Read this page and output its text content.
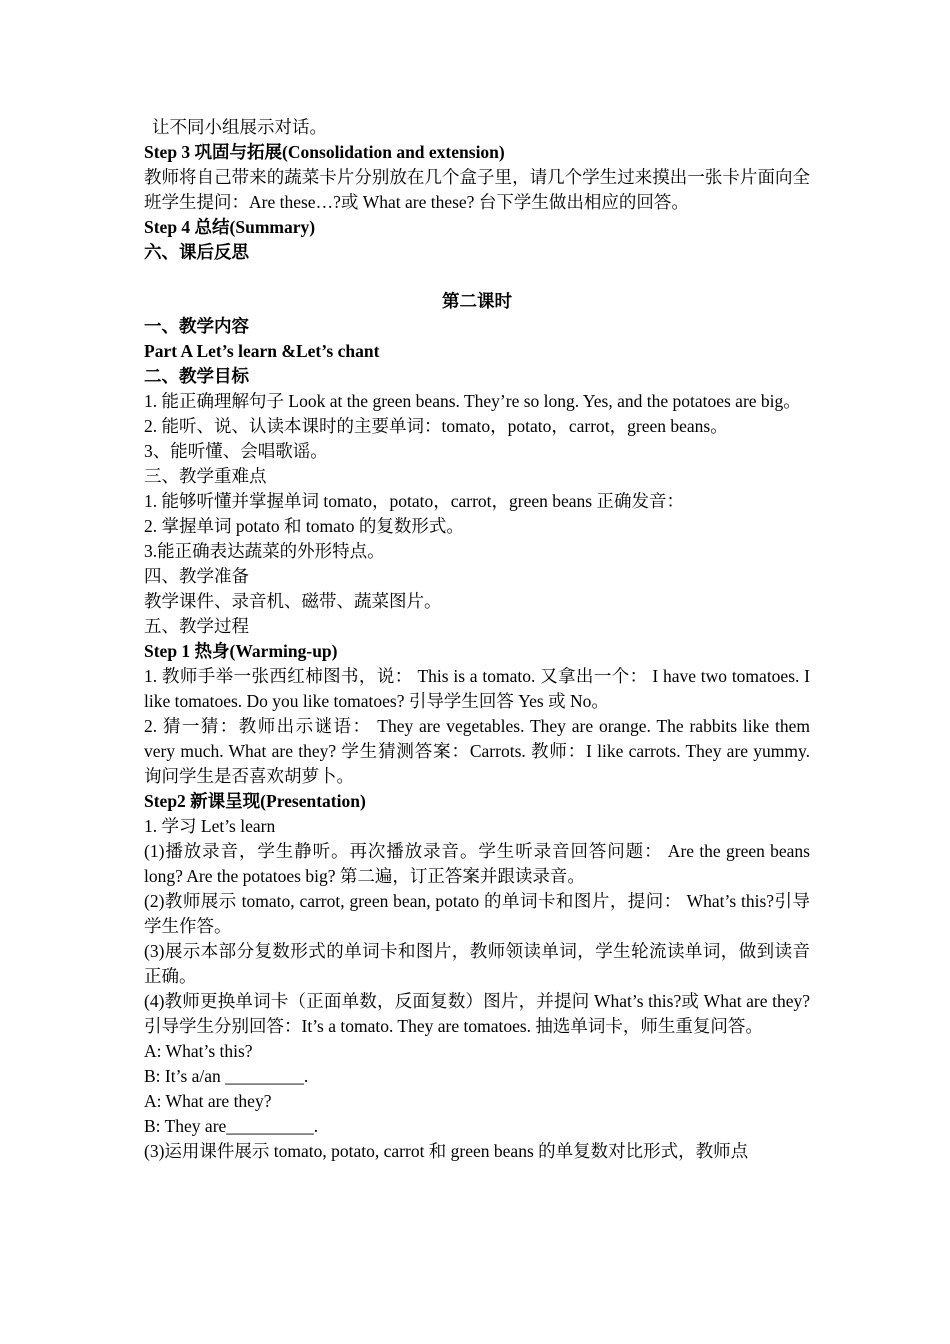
让不同小组展示对话。

Step 3 巩固与拓展(Consolidation and extension)

教师将自己带来的蔬菜卡片分别放在几个盒子里，请几个学生过来摸出一张卡片面向全班学生提问：Are these…?或 What are these? 台下学生做出相应的回答。

Step 4 总结(Summary)

六、课后反思

第二课时

一、教学内容

Part A Let’s learn &Let’s chant

二、教学目标

1. 能正确理解句子 Look at the green beans. They’re so long. Yes, and the potatoes are big。

2. 能听、说、认读本课时的主要单词：tomato，potato，carrot，green beans。

3、能听懂、会唱歌谣。

三、教学重难点

1. 能够听懂并掌握单词 tomato，potato，carrot，green beans 正确发音：

2. 掌握单词 potato 和 tomato 的复数形式。

3.能正确表达蔬菜的外形特点。

四、教学准备

教学课件、录音机、磁带、蔬菜图片。

五、教学过程

Step 1 热身(Warming-up)

1. 教师手举一张西红柿图书，说： This is a tomato. 又拿出一个： I have two tomatoes. I like tomatoes. Do you like tomatoes? 引导学生回答 Yes 或 No。

2. 猜一猜：教师出示谜语： They are vegetables. They are orange. The rabbits like them very much. What are they? 学生猜测答案：Carrots. 教师：I like carrots. They are yummy. 询问学生是否喜欢胡萝卜。

Step2 新课呈现(Presentation)

1. 学习 Let’s learn

(1)播放录音，学生静听。再次播放录音。学生听录音回答问题： Are the green beans long? Are the potatoes big? 第二遍，订正答案并跟读录音。

(2)教师展示 tomato, carrot, green bean, potato 的单词卡和图片，提问： What’s this?引导学生作答。

(3)展示本部分复数形式的单词卡和图片，教师领读单词，学生轮流读单词，做到读音正确。

(4)教师更换单词卡（正面单数，反面复数）图片，并提问 What’s this?或 What are they? 引导学生分别回答：It’s a tomato. They are tomatoes. 抽选单词卡，师生重复问答。

A: What’s this?

B: It’s a/an _________.

A: What are they?

B: They are__________.

(3)运用课件展示 tomato, potato, carrot 和 green beans 的单复数对比形式，教师点
